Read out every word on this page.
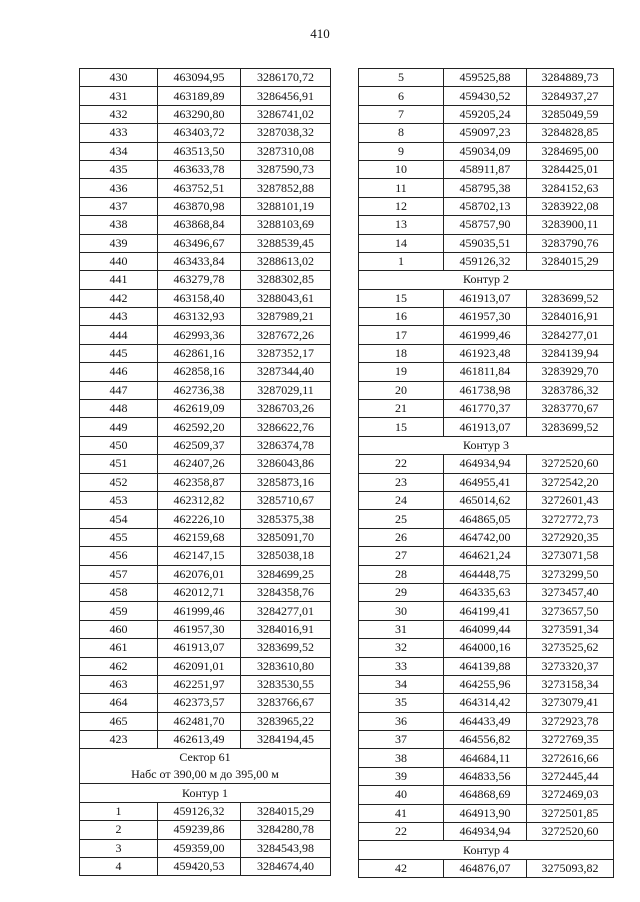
410
430	463094,95	3286170,72
431	463189,89	3286456,91
432	463290,80	3286741,02
433	463403,72	3287038,32
434	463513,50	3287310,08
435	463633,78	3287590,73
436	463752,51	3287852,88
437	463870,98	3288101,19
438	463868,84	3288103,69
439	463496,67	3288539,45
440	463433,84	3288613,02
441	463279,78	3288302,85
442	463158,40	3288043,61
443	463132,93	3287989,21
444	462993,36	3287672,26
445	462861,16	3287352,17
446	462858,16	3287344,40
447	462736,38	3287029,11
448	462619,09	3286703,26
449	462592,20	3286622,76
450	462509,37	3286374,78
451	462407,26	3286043,86
452	462358,87	3285873,16
453	462312,82	3285710,67
454	462226,10	3285375,38
455	462159,68	3285091,70
456	462147,15	3285038,18
457	462076,01	3284699,25
458	462012,71	3284358,76
459	461999,46	3284277,01
460	461957,30	3284016,91
461	461913,07	3283699,52
462	462091,01	3283610,80
463	462251,97	3283530,55
464	462373,57	3283766,67
465	462481,70	3283965,22
423	462613,49	3284194,45

Сектор 61
Набс от 390,00 м до 395,00 м		

Контур 1		
1	459126,32	3284015,29
2	459239,86	3284280,78
3	459359,00	3284543,98
4	459420,53	3284674,40
5	459525,88	3284889,73
6	459430,52	3284937,27
7	459205,24	3285049,59
8	459097,23	3284828,85
9	459034,09	3284695,00
10	458911,87	3284425,01
11	458795,38	3284152,63
12	458702,13	3283922,08
13	458757,90	3283900,11
14	459035,51	3283790,76
1	459126,32	3284015,29
Контур 2		
15	461913,07	3283699,52
16	461957,30	3284016,91
17	461999,46	3284277,01
18	461923,48	3284139,94
19	461811,84	3283929,70
20	461738,98	3283786,32
21	461770,37	3283770,67
15	461913,07	3283699,52
Контур 3		
22	464934,94	3272520,60
23	464955,41	3272542,20
24	465014,62	3272601,43
25	464865,05	3272772,73
26	464742,00	3272920,35
27	464621,24	3273071,58
28	464448,75	3273299,50
29	464335,63	3273457,40
30	464199,41	3273657,50
31	464099,44	3273591,34
32	464000,16	3273525,62
33	464139,88	3273320,37
34	464255,96	3273158,34
35	464314,42	3273079,41
36	464433,49	3272923,78
37	464556,82	3272769,35
38	464684,11	3272616,66
39	464833,56	3272445,44
40	464868,69	3272469,03
41	464913,90	3272501,85
22	464934,94	3272520,60
Контур 4		
42	464876,07	3275093,82
